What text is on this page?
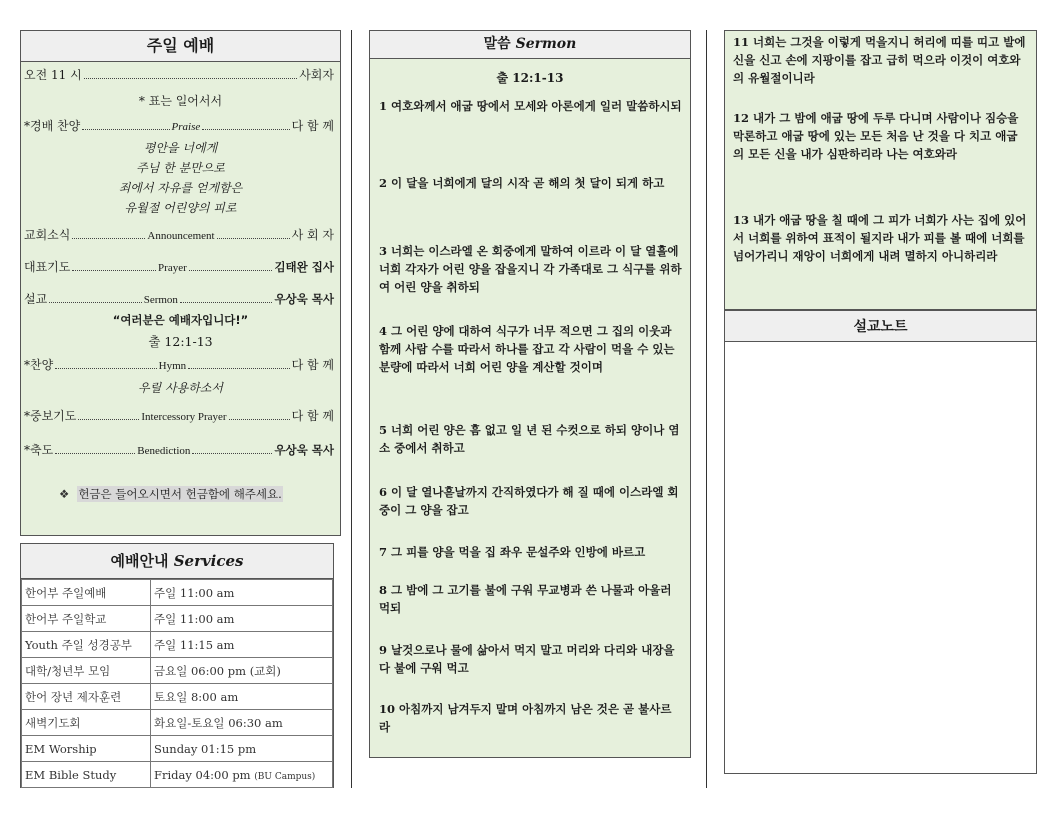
주일 예배
오전 11 시	사회자
* 표는 일어서서
*경배 찬양	Praise	다 함 께
평안을 너에게
주님 한 분만으로
죄에서 자유를 얻게함은
유월절 어린양의 피로
교회소식	Announcement	사 회 자
대표기도	Prayer	김태완 집사
설교	Sermon	우상욱 목사
“여러분은 예배자입니다!”
출 12:1-13
*찬양	Hymn	다 함 께
우릴 사용하소서
*중보기도	Intercessory Prayer	다 함 께
*축도	Benediction	우상욱 목사
❖ 헌금은 들어오시면서 헌금함에 해주세요.
예배안내 Services
한어부 주일예배	주일 11:00 am
한어부 주일학교	주일 11:00 am
Youth 주일 성경공부	주일 11:15 am
대학/청년부 모임	금요일 06:00 pm (교회)
한어 장년 제자훈련	토요일 8:00 am
새벽기도회	화요일-토요일 06:30 am
EM Worship	Sunday 01:15 pm
EM Bible Study	Friday 04:00 pm (BU Campus)
말씀 Sermon
출 12:1-13
1 여호와께서 애굽 땅에서 모세와 아론에게 일러 말씀하시되
2 이 달을 너희에게 달의 시작 곧 해의 첫 달이 되게 하고
3 너희는 이스라엘 온 회중에게 말하여 이르라 이 달 열흘에 너희 각자가 어린 양을 잡을지니 각 가족대로 그 식구를 위하여 어린 양을 취하되
4 그 어린 양에 대하여 식구가 너무 적으면 그 집의 이웃과 함께 사람 수를 따라서 하나를 잡고 각 사람이 먹을 수 있는 분량에 따라서 너희 어린 양을 계산할 것이며
5 너희 어린 양은 흠 없고 일 년 된 수컷으로 하되 양이나 염소 중에서 취하고
6 이 달 열나흗날까지 간직하였다가 해 질 때에 이스라엘 회중이 그 양을 잡고
7 그 피를 양을 먹을 집 좌우 문설주와 인방에 바르고
8 그 밤에 그 고기를 불에 구워 무교병과 쓴 나물과 아울러 먹되
9 날것으로나 물에 삶아서 먹지 말고 머리와 다리와 내장을 다 불에 구워 먹고
10 아침까지 남겨두지 말며 아침까지 남은 것은 곧 불사르라
11 너희는 그것을 이렇게 먹을지니 허리에 띠를 띠고 발에 신을 신고 손에 지팡이를 잡고 급히 먹으라 이것이 여호와의 유월절이니라
12 내가 그 밤에 애굽 땅에 두루 다니며 사람이나 짐승을 막론하고 애굽 땅에 있는 모든 처음 난 것을 다 치고 애굽의 모든 신을 내가 심판하리라 나는 여호와라
13 내가 애굽 땅을 칠 때에 그 피가 너희가 사는 집에 있어서 너희를 위하여 표적이 될지라 내가 피를 볼 때에 너희를 넘어가리니 재앙이 너희에게 내려 멸하지 아니하리라
설교노트
